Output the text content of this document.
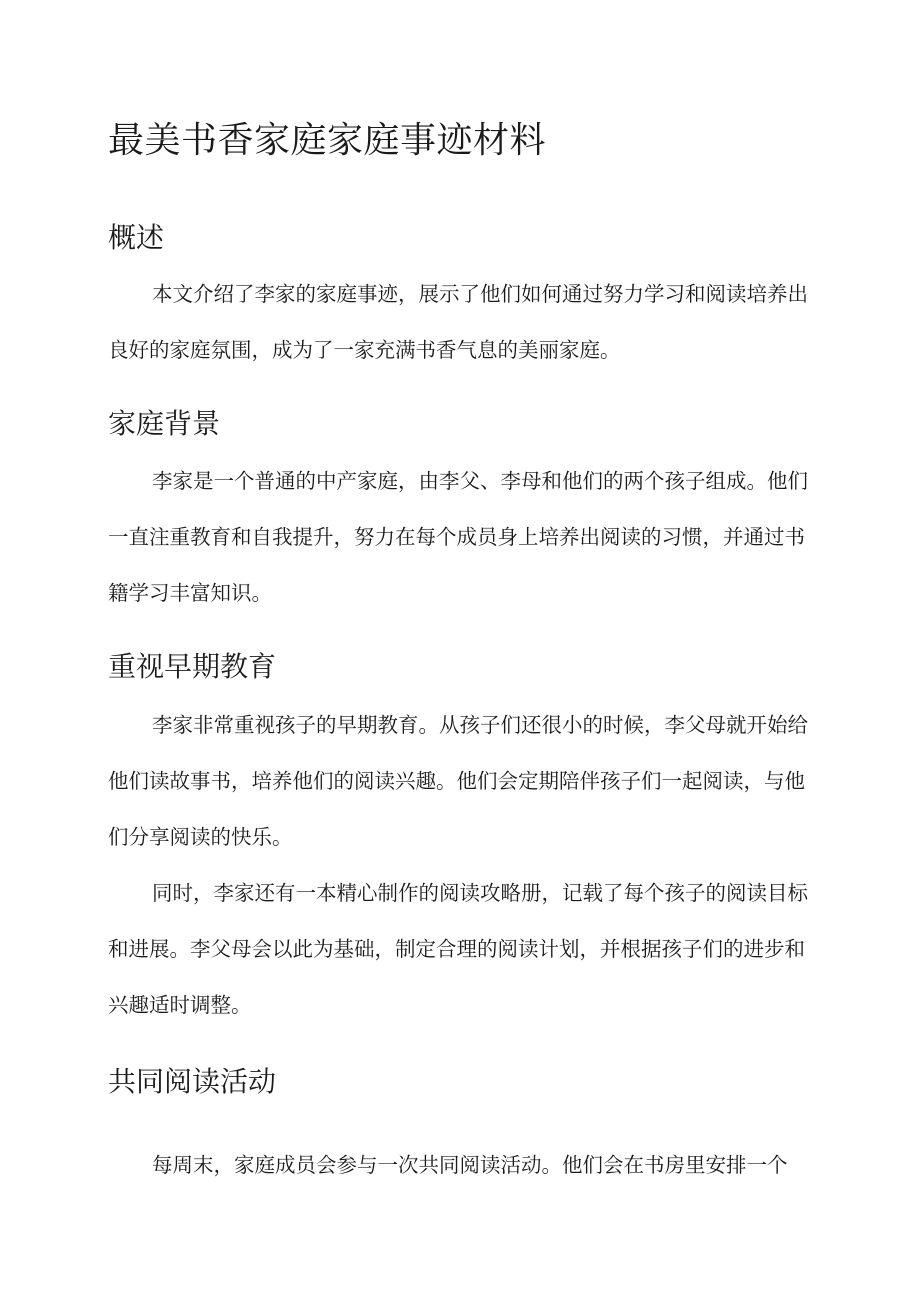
最美书香家庭家庭事迹材料
概述

本文介绍了李家的家庭事迹，展示了他们如何通过努力学习和阅读培养出良好的家庭氛围，成为了一家充满书香气息的美丽家庭。

家庭背景

李家是一个普通的中产家庭，由李父、李母和他们的两个孩子组成。他们一直注重教育和自我提升，努力在每个成员身上培养出阅读的习惯，并通过书籍学习丰富知识。

重视早期教育

李家非常重视孩子的早期教育。从孩子们还很小的时候，李父母就开始给他们读故事书，培养他们的阅读兴趣。他们会定期陪伴孩子们一起阅读，与他们分享阅读的快乐。

同时，李家还有一本精心制作的阅读攻略册，记载了每个孩子的阅读目标和进展。李父母会以此为基础，制定合理的阅读计划，并根据孩子们的进步和兴趣适时调整。

共同阅读活动

每周末，家庭成员会参与一次共同阅读活动。他们会在书房里安排一个
